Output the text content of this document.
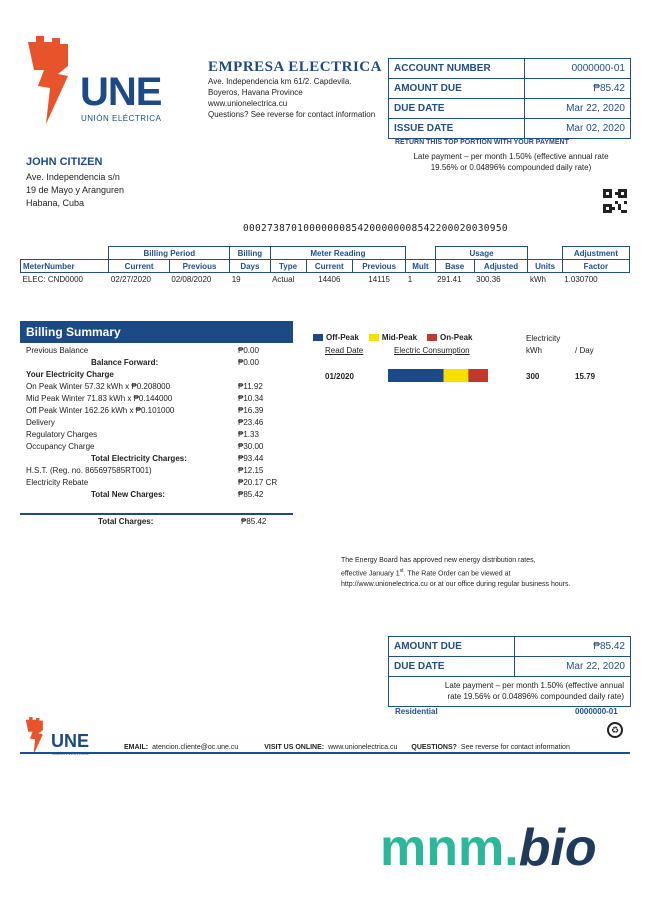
UNE
UNIÓN ELÉCTRICA
EMPRESA ELECTRICA
Ave. Independencia km 61/2. Capdevila.
Boyeros, Havana Province
www.unionelectrica.cu
Questions? See reverse for contact information
ACCOUNT NUMBER	0000000-01
AMOUNT DUE	₱85.42
DUE DATE	Mar 22, 2020
ISSUE DATE	Mar 02, 2020
RETURN THIS TOP PORTION WITH YOUR PAYMENT
Late payment – per month 1.50% (effective annual rate
19.56% or 0.04896% compounded daily rate)
JOHN CITIZEN
Ave. Independencia s/n
19 de Mayo y Aranguren
Habana, Cuba
00027387010000000854200000008542200020030950
	Billing Period		Billing	Meter Reading				Usage			Adjustment
MeterNumber	Current	Previous	Days	Type	Current	Previous	Mult	Base	Adjusted	Units	Factor
ELEC: CND0000	02/27/2020	02/08/2020	19	Actual	14406	14115	1	291.41	300.36	kWh	1.030700
Billing Summary
Previous Balance	₱0.00
Balance Forward:	₱0.00
Your Electricity Charge
On Peak Winter 57.32 kWh x ₱0.208000	₱11.92
Mid Peak Winter 71.83 kWh x ₱0.144000	₱10.34
Off Peak Winter 162.26 kWh x ₱0.101000	₱16.39
Delivery	₱23.46
Regulatory Charges	₱1.33
Occupancy Charge	₱30.00
Total Electricity Charges:	₱93.44
H.S.T. (Reg. no. 865697585RT001)	₱12.15
Electricity Rebate	₱20.17 CR
Total New Charges:	₱85.42
Total Charges:	₱85.42
Off-Peak	Mid-Peak	On-Peak	Electricity
Read Date	Electric Consumption	kWh	/ Day
01/2020	300	15.79
The Energy Board has approved new energy distribution rates,
effective January 1st. The Rate Order can be viewed at
http://www.unionelectrica.cu or at our office during regular business hours.
AMOUNT DUE	₱85.42
DUE DATE	Mar 22, 2020
Late payment – per month 1.50% (effective annual
rate 19.56% or 0.04896% compounded daily rate)
Residential	0000000-01
♻
UNE	EMAIL: atencion.cliente@oc.une.cu	VISIT US ONLINE: www.unionelectrica.cu QUESTIONS? See reverse for contact information
mnm.bio
